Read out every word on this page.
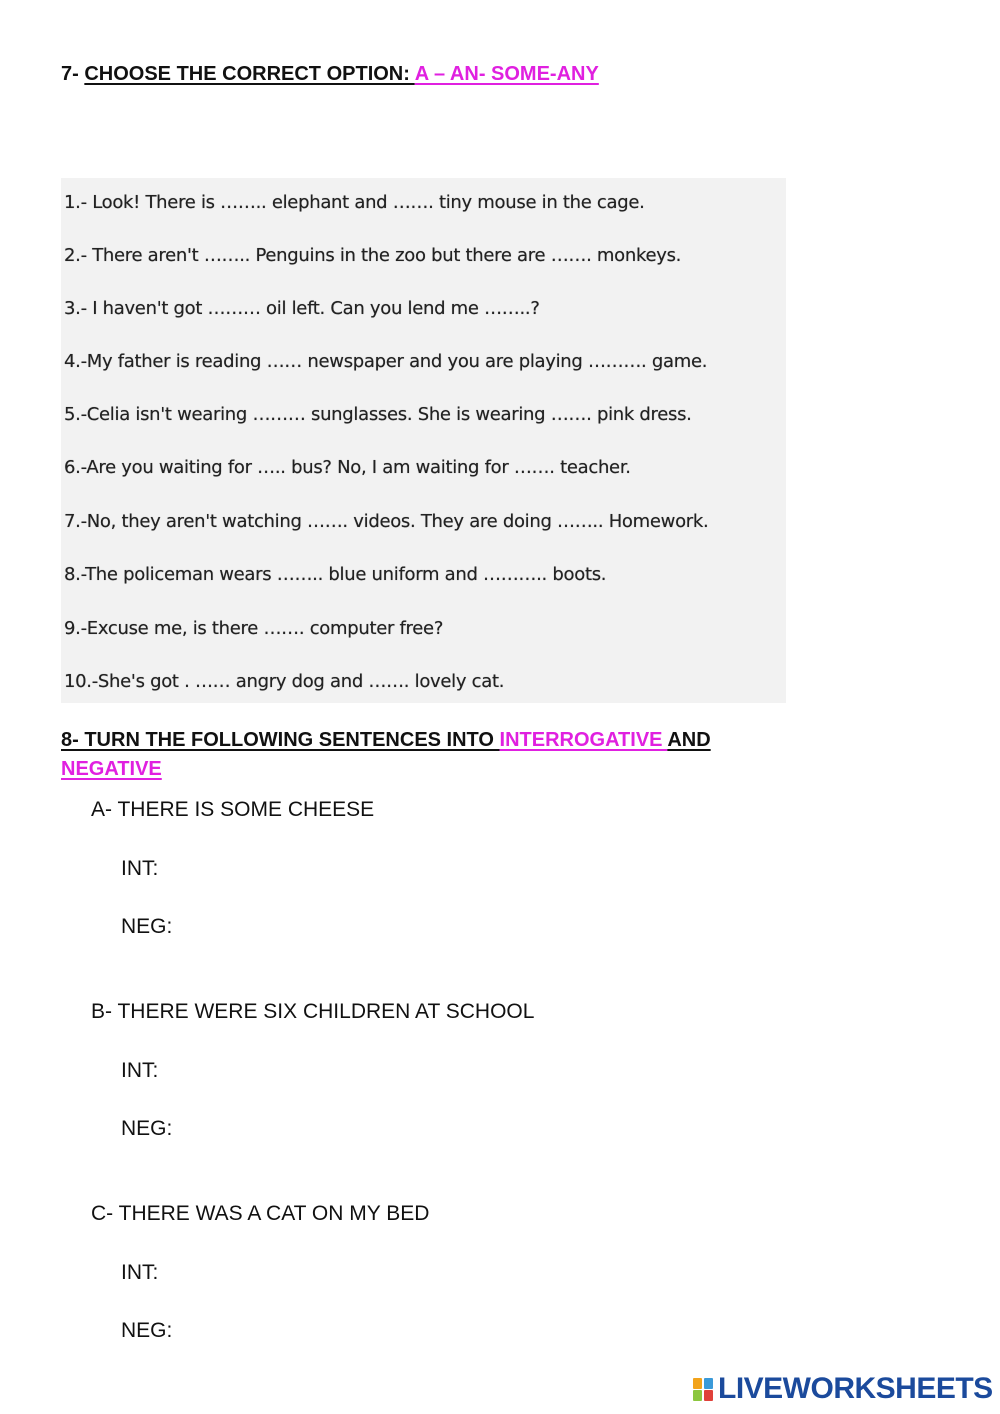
7- CHOOSE THE CORRECT OPTION: A – AN- SOME-ANY
1.- Look! There is …….. elephant and ……. tiny mouse in the cage.
2.- There aren't …….. Penguins in the zoo but there are ……. monkeys.
3.- I haven't got ……… oil left. Can you lend me ……..?
4.-My father is reading …… newspaper and you are playing ………. game.
5.-Celia isn't wearing ……… sunglasses. She is wearing ……. pink dress.
6.-Are you waiting for ….. bus? No, I am waiting for ……. teacher.
7.-No, they aren't watching ……. videos. They are doing …….. Homework.
8.-The policeman wears …….. blue uniform and ……….. boots.
9.-Excuse me, is there ……. computer free?
10.-She's got . …… angry dog and ……. lovely cat.
8- TURN THE FOLLOWING SENTENCES INTO INTERROGATIVE AND
NEGATIVE
A- THERE IS SOME CHEESE
INT:
NEG:
B- THERE WERE SIX CHILDREN AT SCHOOL
INT:
NEG:
C- THERE WAS A CAT ON MY BED
INT:
NEG:
LIVEWORKSHEETS
